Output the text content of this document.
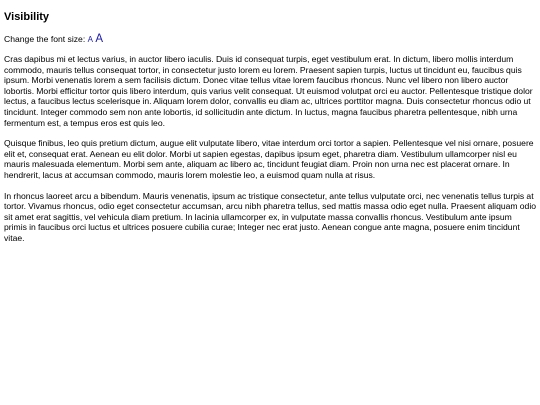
Visibility
Change the font size: A A

Cras dapibus mi et lectus varius, in auctor libero iaculis. Duis id consequat turpis, eget vestibulum erat. In dictum, libero mollis interdum commodo, mauris tellus consequat tortor, in consectetur justo lorem eu lorem. Praesent sapien turpis, luctus ut tincidunt eu, faucibus quis ipsum. Morbi venenatis lorem a sem facilisis dictum. Donec vitae tellus vitae lorem faucibus rhoncus. Nunc vel libero non libero auctor lobortis. Morbi efficitur tortor quis libero interdum, quis varius velit consequat. Ut euismod volutpat orci eu auctor. Pellentesque tristique dolor lectus, a faucibus lectus scelerisque in. Aliquam lorem dolor, convallis eu diam ac, ultrices porttitor magna. Duis consectetur rhoncus odio ut tincidunt. Integer commodo sem non ante lobortis, id sollicitudin ante dictum. In luctus, magna faucibus pharetra pellentesque, nibh urna fermentum est, a tempus eros est quis leo.

Quisque finibus, leo quis pretium dictum, augue elit vulputate libero, vitae interdum orci tortor a sapien. Pellentesque vel nisi ornare, posuere elit et, consequat erat. Aenean eu elit dolor. Morbi ut sapien egestas, dapibus ipsum eget, pharetra diam. Vestibulum ullamcorper nisl eu mauris malesuada elementum. Morbi sem ante, aliquam ac libero ac, tincidunt feugiat diam. Proin non urna nec est placerat ornare. In hendrerit, lacus at accumsan commodo, mauris lorem molestie leo, a euismod quam nulla at risus.

In rhoncus laoreet arcu a bibendum. Mauris venenatis, ipsum ac tristique consectetur, ante tellus vulputate orci, nec venenatis tellus turpis at tortor. Vivamus rhoncus, odio eget consectetur accumsan, arcu nibh pharetra tellus, sed mattis massa odio eget nulla. Praesent aliquam odio sit amet erat sagittis, vel vehicula diam pretium. In lacinia ullamcorper ex, in vulputate massa convallis rhoncus. Vestibulum ante ipsum primis in faucibus orci luctus et ultrices posuere cubilia curae; Integer nec erat justo. Aenean congue ante magna, posuere enim tincidunt vitae.
